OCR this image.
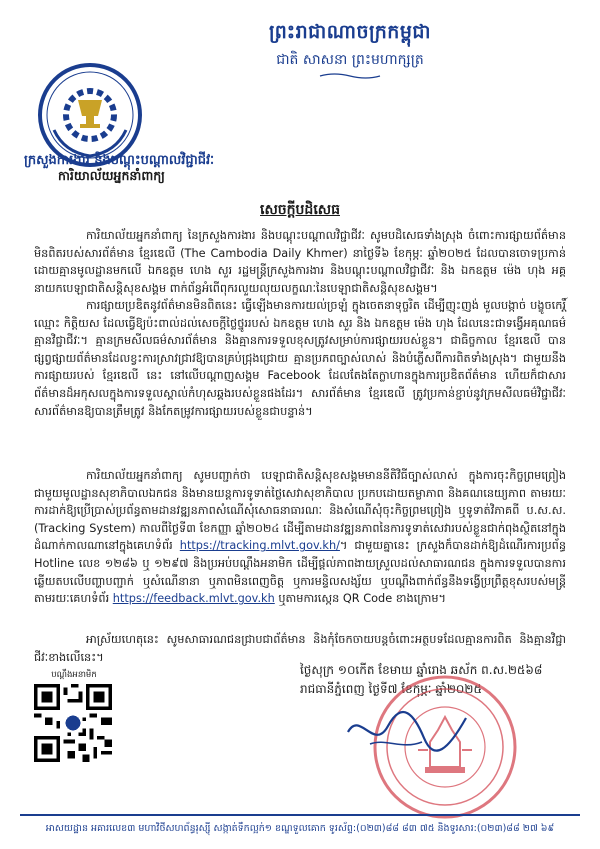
ព្រះរាជាណាចក្រកម្ពុជា
ជាតិ សាសនា ព្រះមហាក្សត្រ
ក្រសួងការងារ និងបណ្តុះបណ្តាលវិជ្ជាជីវៈ
ការិយាល័យអ្នកនាំពាក្យ
សេចក្តីបដិសេធ
ការិយាល័យអ្នកនាំពាក្យ នៃក្រសួងការងារ និងបណ្តុះបណ្តាលវិជ្ជាជីវៈ សូមបដិសេធទាំងស្រុង ចំពោះការផ្សាយព័ត៌មានមិនពិតរបស់សារព័ត៌មាន ខ្មែរឌេលី (The Cambodia Daily Khmer) នាថ្ងៃទី៦ ខែកុម្ភៈ ឆ្នាំ២០២៥ ដែលបានចោទប្រកាន់ដោយគ្មានមូលដ្ឋានមកលើ ឯកឧត្តម ហេង សួរ រដ្ឋមន្ត្រីក្រសួងការងារ និងបណ្តុះបណ្តាលវិជ្ជាជីវៈ និង ឯកឧត្តម ម៉េង ហុង អគ្គនាយកបេឡាជាតិសន្តិសុខសង្គម ពាក់ព័ន្ធអំពើពុករលួយលុយលក្ខណៈនៃបេឡាជាតិសន្តិសុខសង្គម។
ការផ្សាយប្រឌិតនូវព័ត៌មានមិនពិតនេះ ធ្វើឡើងមានការយល់ច្រឡំ ក្នុងចេតនាទុច្ចរិត ដើម្បីញុះញង់ មួលបង្កាច់ បង្ខូចកេរ្តិ៍ឈ្មោះ កិត្តិយស ដែលធ្វើឱ្យប៉ះពាល់ដល់សេចក្តីថ្លៃថ្នូររបស់ ឯកឧត្តម ហេង សួរ និង ឯកឧត្តម ម៉េង ហុង ដែលនេះជាទង្វើអគុណធម៌ គ្មានវិជ្ជាជីវៈ។ គ្មានក្រមសីលធម៌សារព័ត៌មាន និងគ្មានការទទួលខុសត្រូវសម្រាប់ការផ្សាយរបស់ខ្លួន។ ជាធិច្ចកាល ខ្មែរឌេលី បានផ្សព្វផ្សាយព័ត៌មានដែលខ្វះការស្រាវជ្រាវឱ្យបានគ្រប់ជ្រុងជ្រោយ គ្មានប្រភពច្បាស់លាស់ និងបំភ្លើសពីការពិតទាំងស្រុង។ ជាមួយនឹងការផ្សាយរបស់ ខ្មែរឌេលី នេះ នៅលើបណ្តាញសង្គម Facebook ដែលតែងតែក្លាហានក្នុងការប្រឌិតព័ត៌មាន ហើយក៏ជាសារព័ត៌មានដ៏អកុសលក្នុងការទទួលស្គាល់កំហុសឆ្គងរបស់ខ្លួនផងដែរ។ សារព័ត៌មាន ខ្មែរឌេលី ត្រូវប្រកាន់ខ្ជាប់នូវក្រមសីលធម៌វិជ្ជាជីវៈសារព័ត៌មានឱ្យបានត្រឹមត្រូវ និងកែតម្រូវការផ្សាយរបស់ខ្លួនជាបន្ទាន់។
ការិយាល័យអ្នកនាំពាក្យ សូមបញ្ជាក់ថា បេឡាជាតិសន្តិសុខសង្គមមាននីតិវិធីច្បាស់លាស់ ក្នុងការចុះកិច្ចព្រមព្រៀងជាមួយមូលដ្ឋានសុខាភិបាលឯកជន និងមានយន្តការទូទាត់ថ្លៃសេវាសុខាភិបាល ប្រកបដោយតម្លាភាព និងគណនេយ្យភាព តាមរយៈការដាក់ឱ្យប្រើប្រាស់ប្រព័ន្ធតាមដានវឌ្ឍនភាពសំណើសុំសោធនាធារណៈ និងសំណើសុំចុះកិច្ចព្រមព្រៀង ឬទូទាត់វិភាគពី ប.ស.ស. (Tracking System) កាលពីថ្ងៃទី៣ ខែកញ្ញា ឆ្នាំ២០២៤ ដើម្បីតាមដានវឌ្ឍនភាពនៃការទូទាត់សេវារបស់ខ្លួនជាក់ពុងស្ថិតនៅក្នុងដំណាក់កាលណានៅក្នុងគេហទំព័រ https://tracking.mlvt.gov.kh/។ ជាមួយគ្នានេះ ក្រសួងក៏បានដាក់ឱ្យដំណើរការប្រព័ន្ធ Hotline លេខ ១២៨៦ ឬ ១២៩៧ និងប្រអប់បណ្តឹងអនាមិក ដើម្បីផ្តល់ភាពងាយស្រួលដល់សាធារណជន ក្នុងការទទួលបានការឆ្លើយតបលើបញ្ហាបញ្ជាក់ ឬសំណើនានា ឬភាពមិនពេញចិត្ត ឬការមន្ទិលសង្ស័យ ឬបណ្តឹងពាក់ព័ន្ធនឹងទង្វើប្រព្រឹត្តខុសរបស់មន្ត្រីតាមរយៈគេហទំព័រ https://feedback.mlvt.gov.kh ឬតាមការស្កេន QR Code ខាងក្រោម។
អាស្រ័យហេតុនេះ សូមសាធារណជនជ្រាបជាព័ត៌មាន និងកុំចែកចាយបន្តចំពោះអត្ថបទដែលគ្មានការពិត និងគ្មានវិជ្ជាជីវៈខាងលើនេះ។
ថ្ងៃសុក្រ ១០កើត ខែមាឃ ឆ្នាំរោង ឆស័ក ព.ស.២៥៦៨
រាជធានីភ្នំពេញ ថ្ងៃទី៧ ខែកុម្ភៈ ឆ្នាំ២០២៥
បណ្តឹងអនាមិក
អាសយដ្ឋាន អគារលេខ៣ មហាវិថីសហព័ន្ធរុស្ស៊ី សង្កាត់ទឹកល្អក់១ ខណ្ឌទួលគោក ទូរស័ព្ទ:(០២៣)៨៨ ៨៣ ៧៥ និងទូរសារ:(០២៣)៨៨ ២៧ ៦៩
